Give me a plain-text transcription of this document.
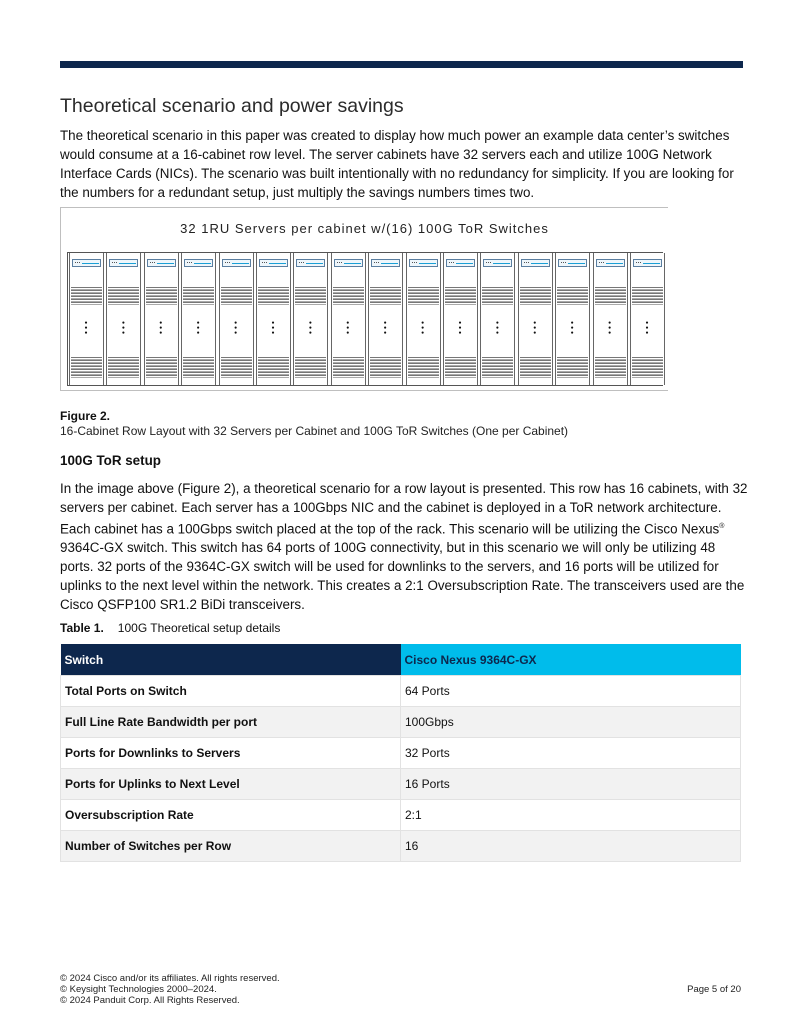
Theoretical scenario and power savings

The theoretical scenario in this paper was created to display how much power an example data center’s switches would consume at a 16-cabinet row level. The server cabinets have 32 servers each and utilize 100G Network Interface Cards (NICs). The scenario was built intentionally with no redundancy for simplicity. If you are looking for the numbers for a redundant setup, just multiply the savings numbers times two.

32 1RU Servers per cabinet w/(16) 100G ToR Switches
●
●
●
●
●
●
●
●
●
●
●
●
●
●
●
●
●
●
●
●
●
●
●
●
●
●
●
●
●
●
●
●
●
●
●
●
●
●
●
●
●
●
●
●
●
●
●
●

Figure 2.

16-Cabinet Row Layout with 32 Servers per Cabinet and 100G ToR Switches (One per Cabinet)

100G ToR setup

In the image above (Figure 2), a theoretical scenario for a row layout is presented. This row has 16 cabinets, with 32 servers per cabinet. Each server has a 100Gbps NIC and the cabinet is deployed in a ToR network architecture. Each cabinet has a 100Gbps switch placed at the top of the rack. This scenario will be utilizing the Cisco Nexus® 9364C-GX switch. This switch has 64 ports of 100G connectivity, but in this scenario we will only be utilizing 48 ports. 32 ports of the 9364C-GX switch will be used for downlinks to the servers, and 16 ports will be utilized for uplinks to the next level within the network. This creates a 2:1 Oversubscription Rate. The transceivers used are the Cisco QSFP100 SR1.2 BiDi transceivers.

Table 1. 100G Theoretical setup details

Switch	Cisco Nexus 9364C-GX
Total Ports on Switch	64 Ports
Full Line Rate Bandwidth per port	100Gbps
Ports for Downlinks to Servers	32 Ports
Ports for Uplinks to Next Level	16 Ports
Oversubscription Rate	2:1
Number of Switches per Row	16
© 2024 Cisco and/or its affiliates. All rights reserved.
© Keysight Technologies 2000–2024.
© 2024 Panduit Corp. All Rights Reserved.
Page 5 of 20
